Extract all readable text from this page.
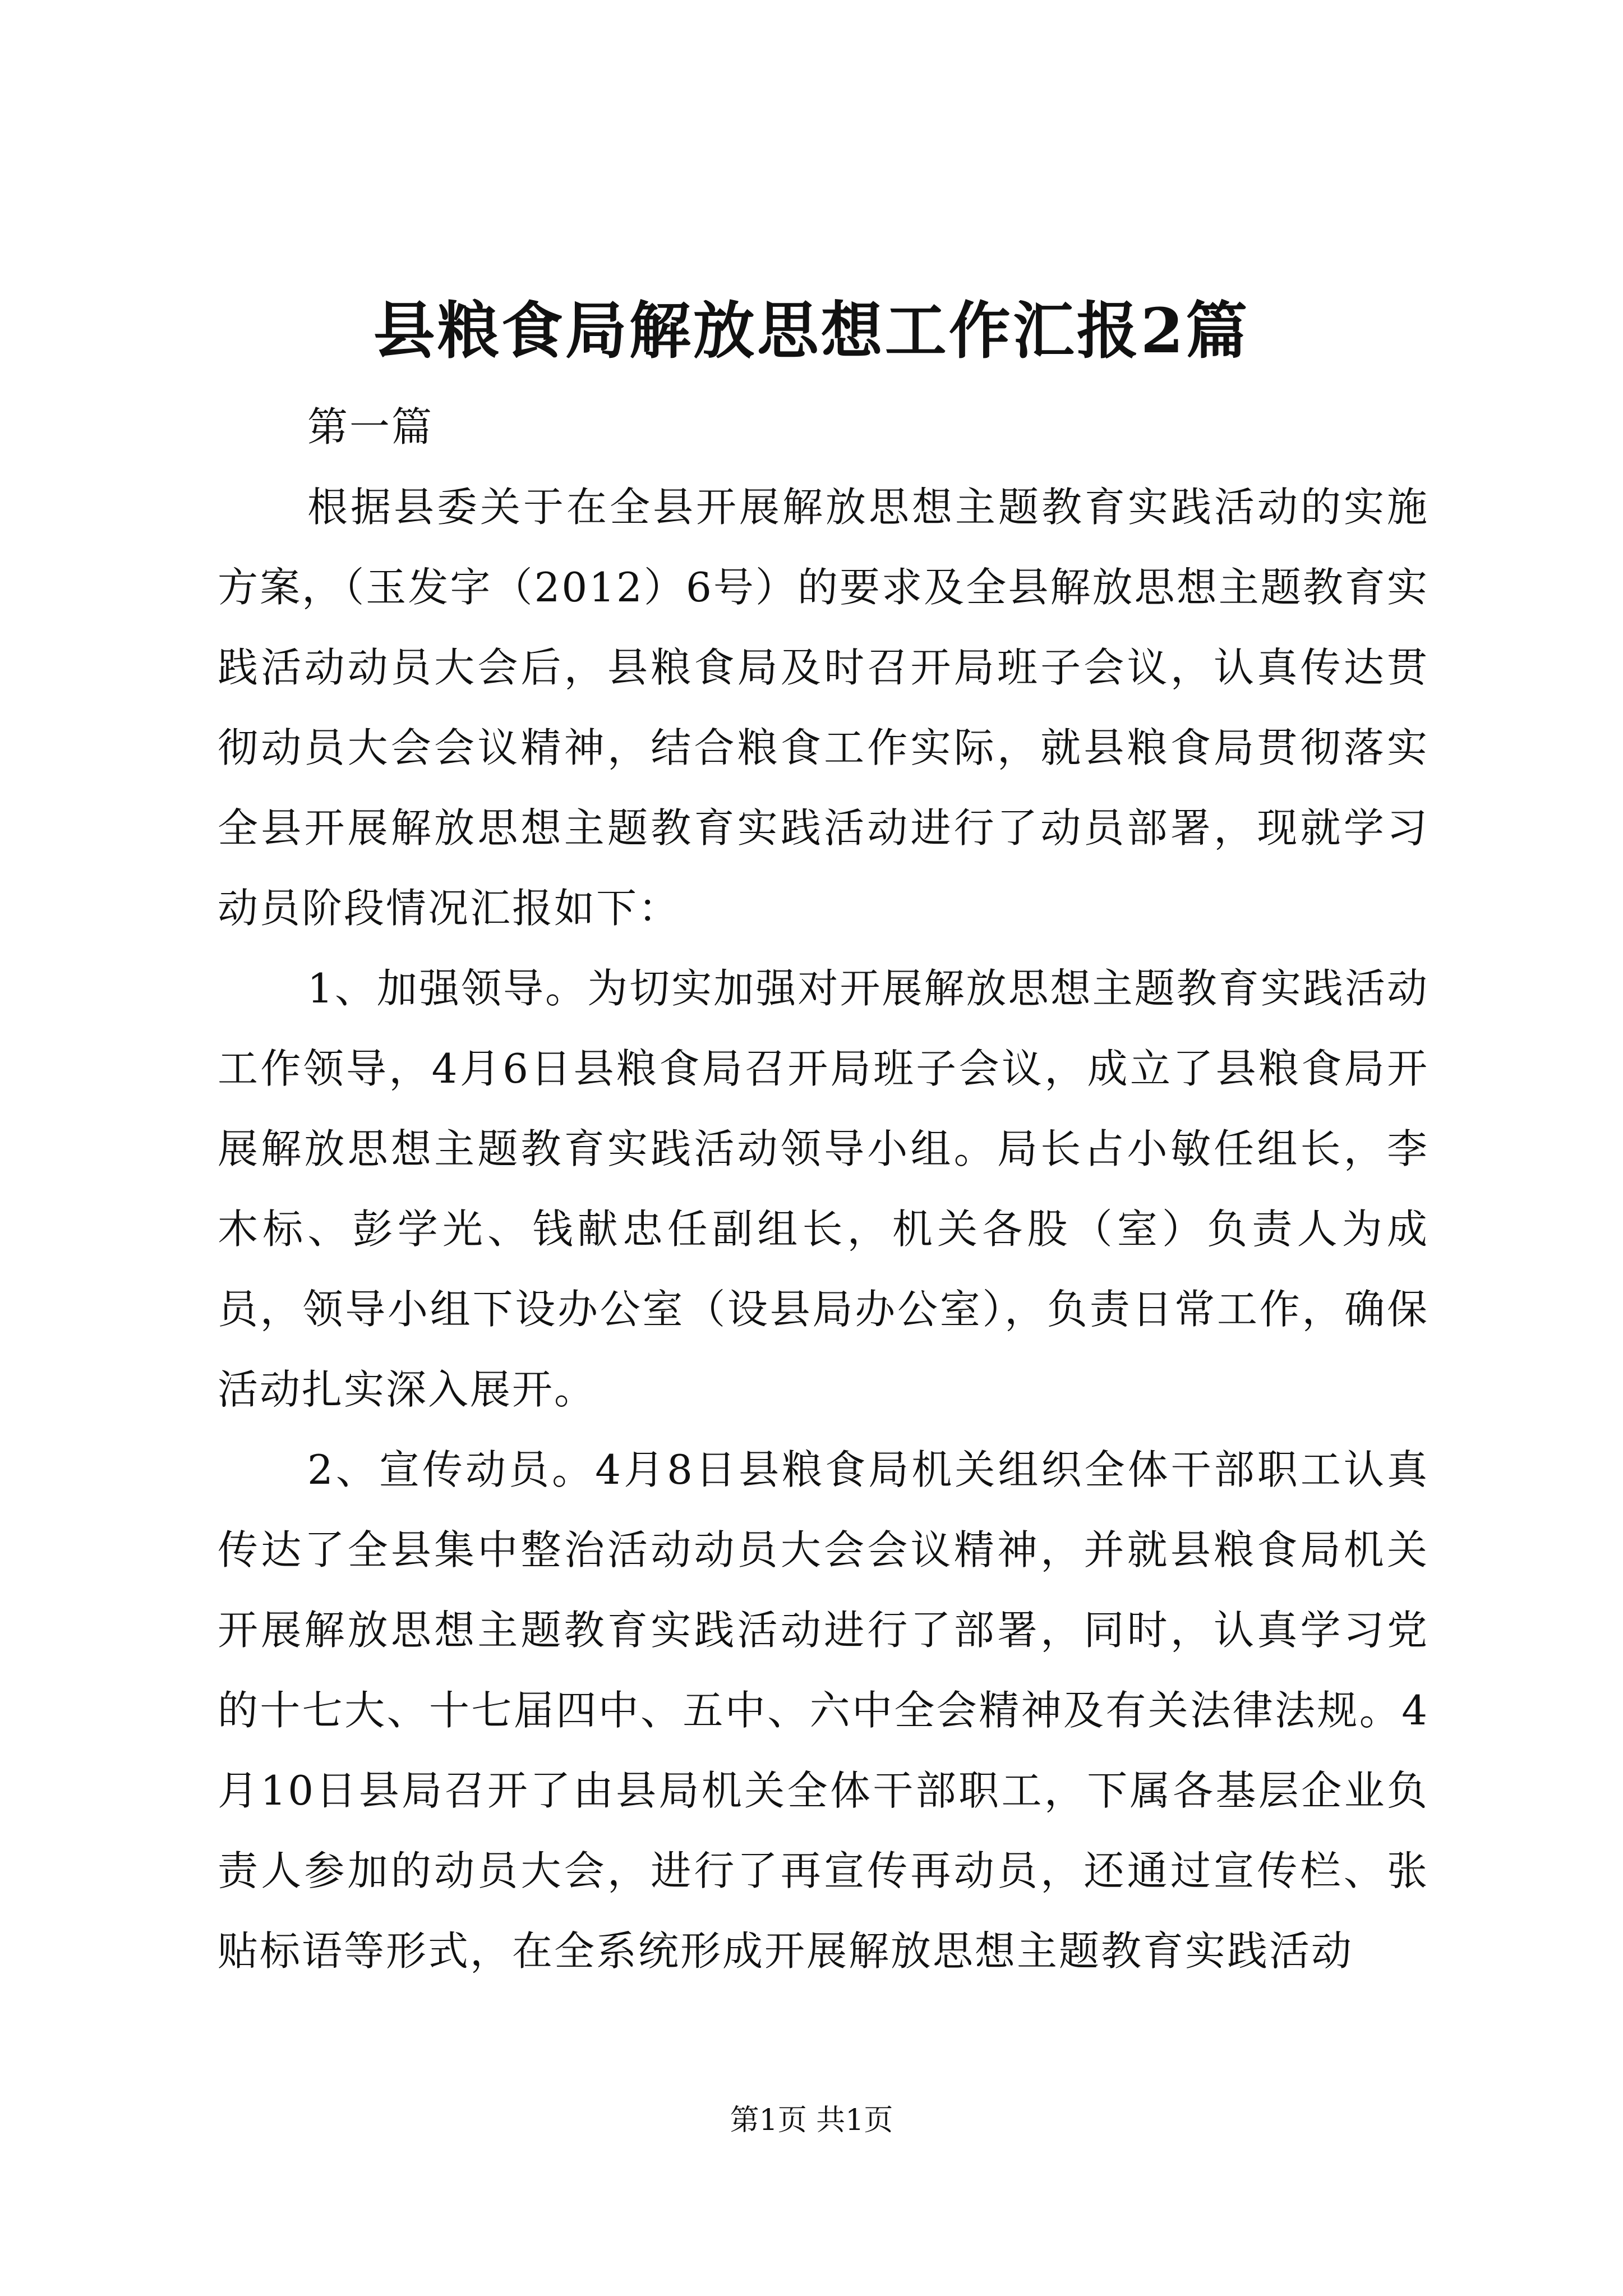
县粮食局解放思想工作汇报2篇

第一篇

根据县委关于在全县开展解放思想主题教育实践活动的实施方案，（玉发字（2012）6号）的要求及全县解放思想主题教育实践活动动员大会后，县粮食局及时召开局班子会议，认真传达贯彻动员大会会议精神，结合粮食工作实际，就县粮食局贯彻落实全县开展解放思想主题教育实践活动进行了动员部署，现就学习动员阶段情况汇报如下：

1、加强领导。为切实加强对开展解放思想主题教育实践活动工作领导，4月6日县粮食局召开局班子会议，成立了县粮食局开展解放思想主题教育实践活动领导小组。局长占小敏任组长，李木标、彭学光、钱献忠任副组长，机关各股（室）负责人为成员，领导小组下设办公室（设县局办公室），负责日常工作，确保活动扎实深入展开。

2、宣传动员。4月8日县粮食局机关组织全体干部职工认真传达了全县集中整治活动动员大会会议精神，并就县粮食局机关开展解放思想主题教育实践活动进行了部署，同时，认真学习党的十七大、十七届四中、五中、六中全会精神及有关法律法规。4月10日县局召开了由县局机关全体干部职工，下属各基层企业负责人参加的动员大会，进行了再宣传再动员，还通过宣传栏、张贴标语等形式，在全系统形成开展解放思想主题教育实践活动

第1页 共1页
